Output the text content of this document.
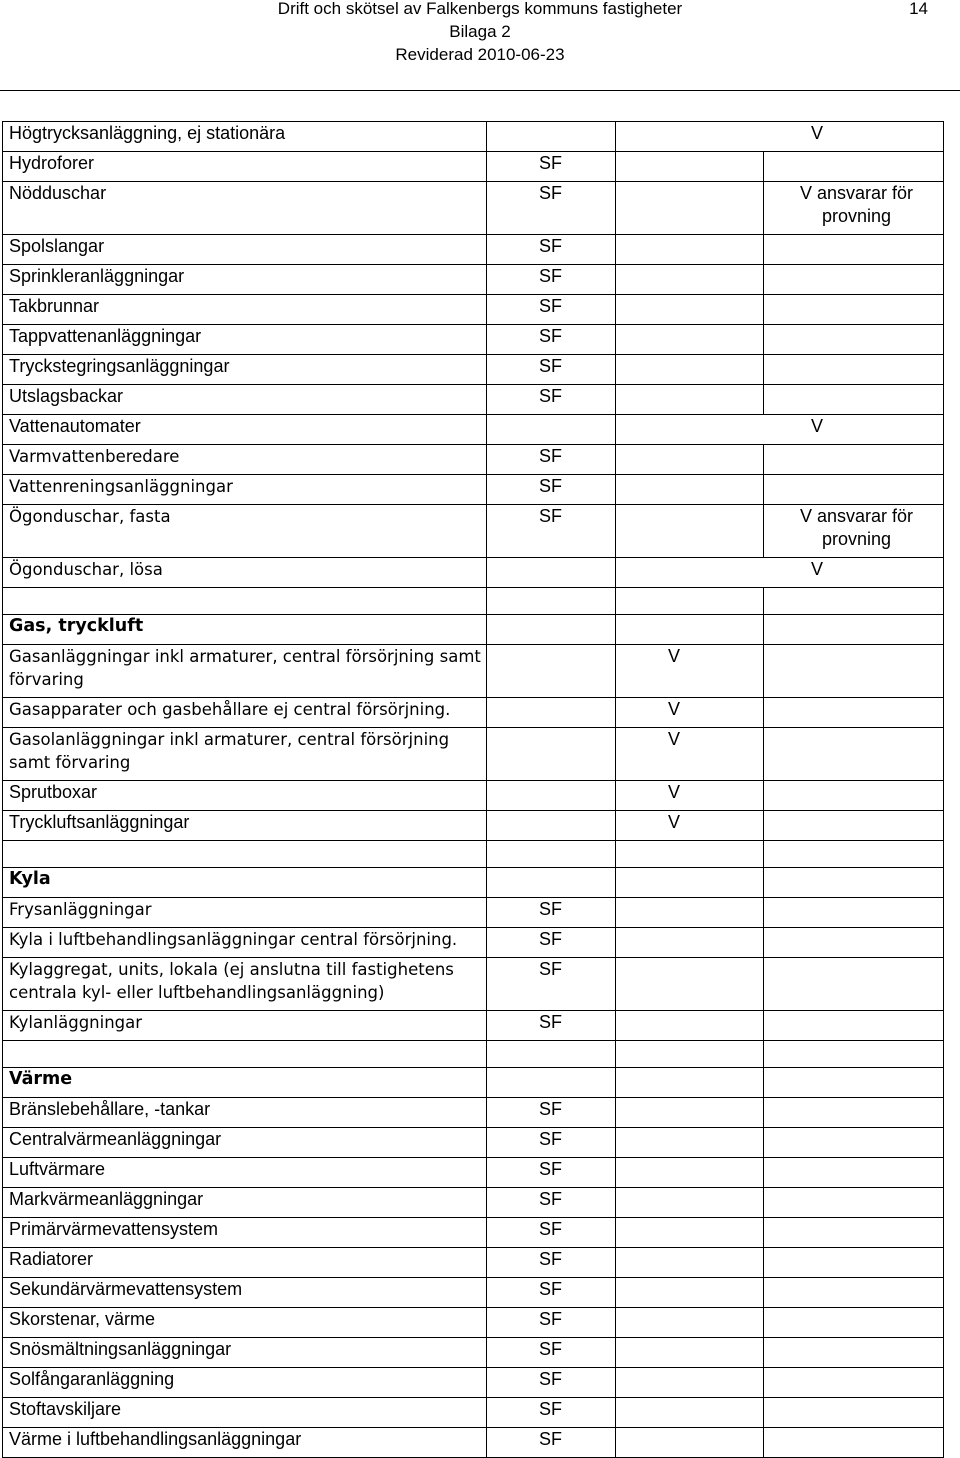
Drift och skötsel av Falkenbergs kommuns fastigheter	14
Bilaga 2
Reviderad 2010-06-23
Högtrycksanläggning, ej stationära		V	

Hydroforer	SF		

Nödduschar	SF		V ansvarar för provning
Spolslangar	SF		

Sprinkleranläggningar	SF		

Takbrunnar	SF		

Tappvattenanläggningar	SF		

Tryckstegringsanläggningar	SF		

Utslagsbackar	SF		

Vattenautomater		V	

Varmvattenberedare	SF		

Vattenreningsanläggningar	SF		

Ögonduschar, fasta	SF		V ansvarar för provning
Ögonduschar, lösa		V	

Gas, tryckluft			
Gasanläggningar inkl armaturer, central försörjning samt förvaring		V	

Gasapparater och gasbehållare ej central försörjning.		V	

Gasolanläggningar inkl armaturer, central försörjning samt förvaring		V	

Sprutboxar		V	

Tryckluftsanläggningar		V	

Kyla			
Frysanläggningar	SF		

Kyla i luftbehandlingsanläggningar central försörjning.	SF		

Kylaggregat, units, lokala (ej anslutna till fastighetens centrala kyl- eller luftbehandlingsanläggning)	SF		

Kylanläggningar	SF		

Värme			
Bränslebehållare, -tankar	SF		

Centralvärmeanläggningar	SF		

Luftvärmare	SF		

Markvärmeanläggningar	SF		

Primärvärmevattensystem	SF		

Radiatorer	SF		

Sekundärvärmevattensystem	SF		

Skorstenar, värme	SF		

Snösmältningsanläggningar	SF		

Solfångaranläggning	SF		

Stoftavskiljare	SF		

Värme i luftbehandlingsanläggningar	SF		
